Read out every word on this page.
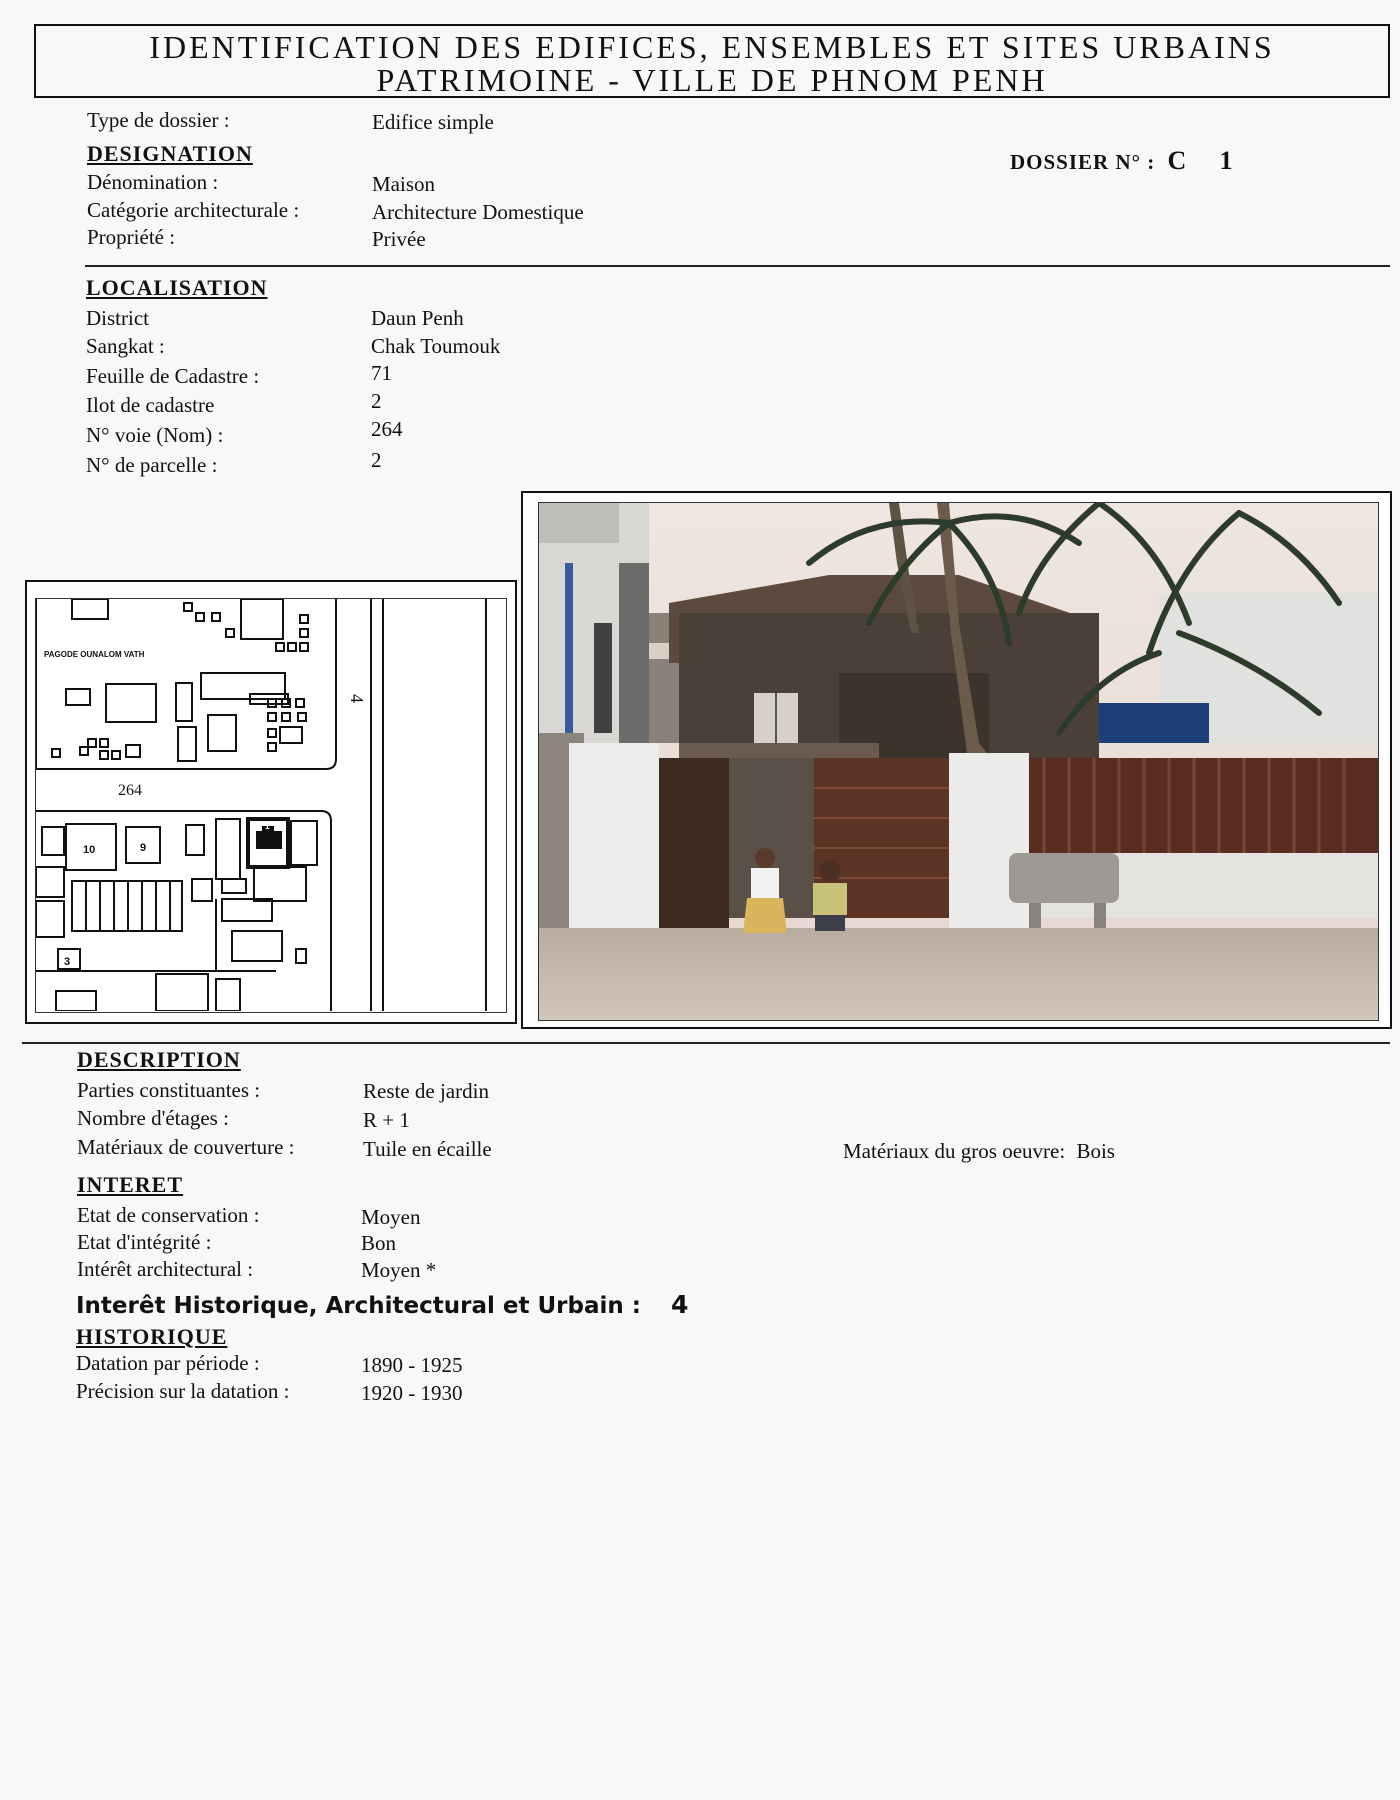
IDENTIFICATION DES EDIFICES, ENSEMBLES ET SITES URBAINS
PATRIMOINE - VILLE DE PHNOM PENH
Type de dossier :	Edifice simple
DOSSIER N° : C 1
DESIGNATION
Dénomination :	Maison
Catégorie architecturale :	Architecture Domestique
Propriété :	Privée
LOCALISATION
District	Daun Penh
Sangkat :	Chak Toumouk
Feuille de Cadastre :	71
Ilot de cadastre	2
N° voie (Nom) :	264
N° de parcelle :	2
PAGODE OUNALOM VATH
264
4
10	9
1
3
DESCRIPTION
Parties constituantes :	Reste de jardin
Nombre d'étages :	R + 1
Matériaux de couverture :	Tuile en écaille	Matériaux du gros oeuvre: Bois
INTERET
Etat de conservation :	Moyen
Etat d'intégrité :	Bon
Intérêt architectural :	Moyen *
Interêt Historique, Architectural et Urbain : 4
HISTORIQUE
Datation par période :	1890 - 1925
Précision sur la datation :	1920 - 1930
